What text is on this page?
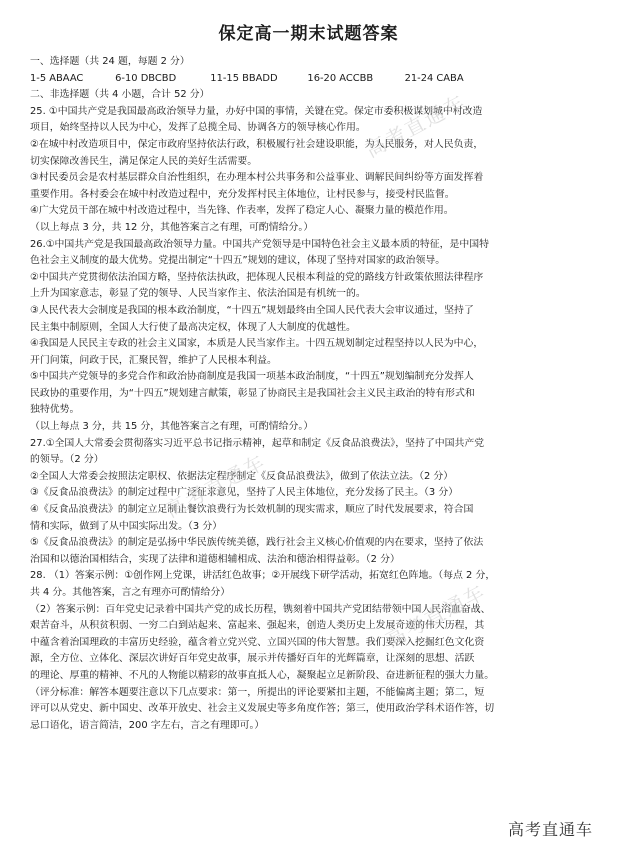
保定高一期末试题答案
一、选择题（共 24 题，每题 2 分）
1-5 ABAAC	6-10 DBCBD	11-15 BBADD	16-20 ACCBB	21-24 CABA
二、非选择题（共 4 小题，合计 52 分）
25. ①中国共产党是我国最高政治领导力量，办好中国的事情，关键在党。保定市委积极谋划城中村改造
项目，始终坚持以人民为中心，发挥了总揽全局、协调各方的领导核心作用。
②在城中村改造项目中，保定市政府坚持依法行政，积极履行社会建设职能，为人民服务，对人民负责，
切实保障改善民生，满足保定人民的美好生活需要。
③村民委员会是农村基层群众自治性组织，在办理本村公共事务和公益事业、调解民间纠纷等方面发挥着
重要作用。各村委会在城中村改造过程中，充分发挥村民主体地位，让村民参与，接受村民监督。
④广大党员干部在城中村改造过程中，当先锋、作表率，发挥了稳定人心、凝聚力量的模范作用。
（以上每点 3 分，共 12 分，其他答案言之有理，可酌情给分。）
26.①中国共产党是我国最高政治领导力量。中国共产党领导是中国特色社会主义最本质的特征，是中国特
色社会主义制度的最大优势。党提出制定“十四五”规划的建议，体现了坚持对国家的政治领导。
②中国共产党贯彻依法治国方略，坚持依法执政，把体现人民根本利益的党的路线方针政策依照法律程序
上升为国家意志，彰显了党的领导、人民当家作主、依法治国是有机统一的。
③人民代表大会制度是我国的根本政治制度，“十四五”规划最终由全国人民代表大会审议通过，坚持了
民主集中制原则，全国人大行使了最高决定权，体现了人大制度的优越性。
④我国是人民民主专政的社会主义国家，本质是人民当家作主。十四五规划制定过程坚持以人民为中心，
开门问策，问政于民，汇聚民智，维护了人民根本利益。
⑤中国共产党领导的多党合作和政治协商制度是我国一项基本政治制度，“十四五”规划编制充分发挥人
民政协的重要作用，为“十四五”规划建言献策，彰显了协商民主是我国社会主义民主政治的特有形式和
独特优势。
（以上每点 3 分，共 15 分，其他答案言之有理，可酌情给分。）
27.①全国人大常委会贯彻落实习近平总书记指示精神，起草和制定《反食品浪费法》，坚持了中国共产党
的领导。（2 分）
②全国人大常委会按照法定职权、依据法定程序制定《反食品浪费法》，做到了依法立法。（2 分）
③《反食品浪费法》的制定过程中广泛征求意见，坚持了人民主体地位，充分发扬了民主。（3 分）
④《反食品浪费法》的制定立足制止餐饮浪费行为长效机制的现实需求，顺应了时代发展要求，符合国
情和实际，做到了从中国实际出发。（3 分）
⑤《反食品浪费法》的制定是弘扬中华民族传统美德，践行社会主义核心价值观的内在要求，坚持了依法
治国和以德治国相结合，实现了法律和道德相辅相成、法治和德治相得益彰。（2 分）
28. （1）答案示例：①创作网上党课，讲活红色故事；②开展线下研学活动，拓宽红色阵地。（每点 2 分，
共 4 分。其他答案，言之有理亦可酌情给分）
（2）答案示例：百年党史记录着中国共产党的成长历程，镌刻着中国共产党团结带领中国人民浴血奋战、
艰苦奋斗，从积贫积弱、一穷二白到站起来、富起来、强起来，创造人类历史上发展奇迹的伟大历程，其
中蕴含着治国理政的丰富历史经验，蕴含着立党兴党、立国兴国的伟大智慧。我们要深入挖掘红色文化资
源，全方位、立体化、深层次讲好百年党史故事，展示并传播好百年的光辉篇章，让深刻的思想、活跃
的理论、厚重的精神、不凡的人物能以精彩的故事直抵人心，凝聚起立足新阶段、奋进新征程的强大力量。
（评分标准：解答本题要注意以下几点要求：第一，所提出的评论要紧扣主题，不能偏离主题；第二，短
评可以从党史、新中国史、改革开放史、社会主义发展史等多角度作答；第三，使用政治学科术语作答，切
忌口语化，语言简洁，200 字左右，言之有理即可。）
高考直通车
高考直通车
高考直通车
高考直通车
